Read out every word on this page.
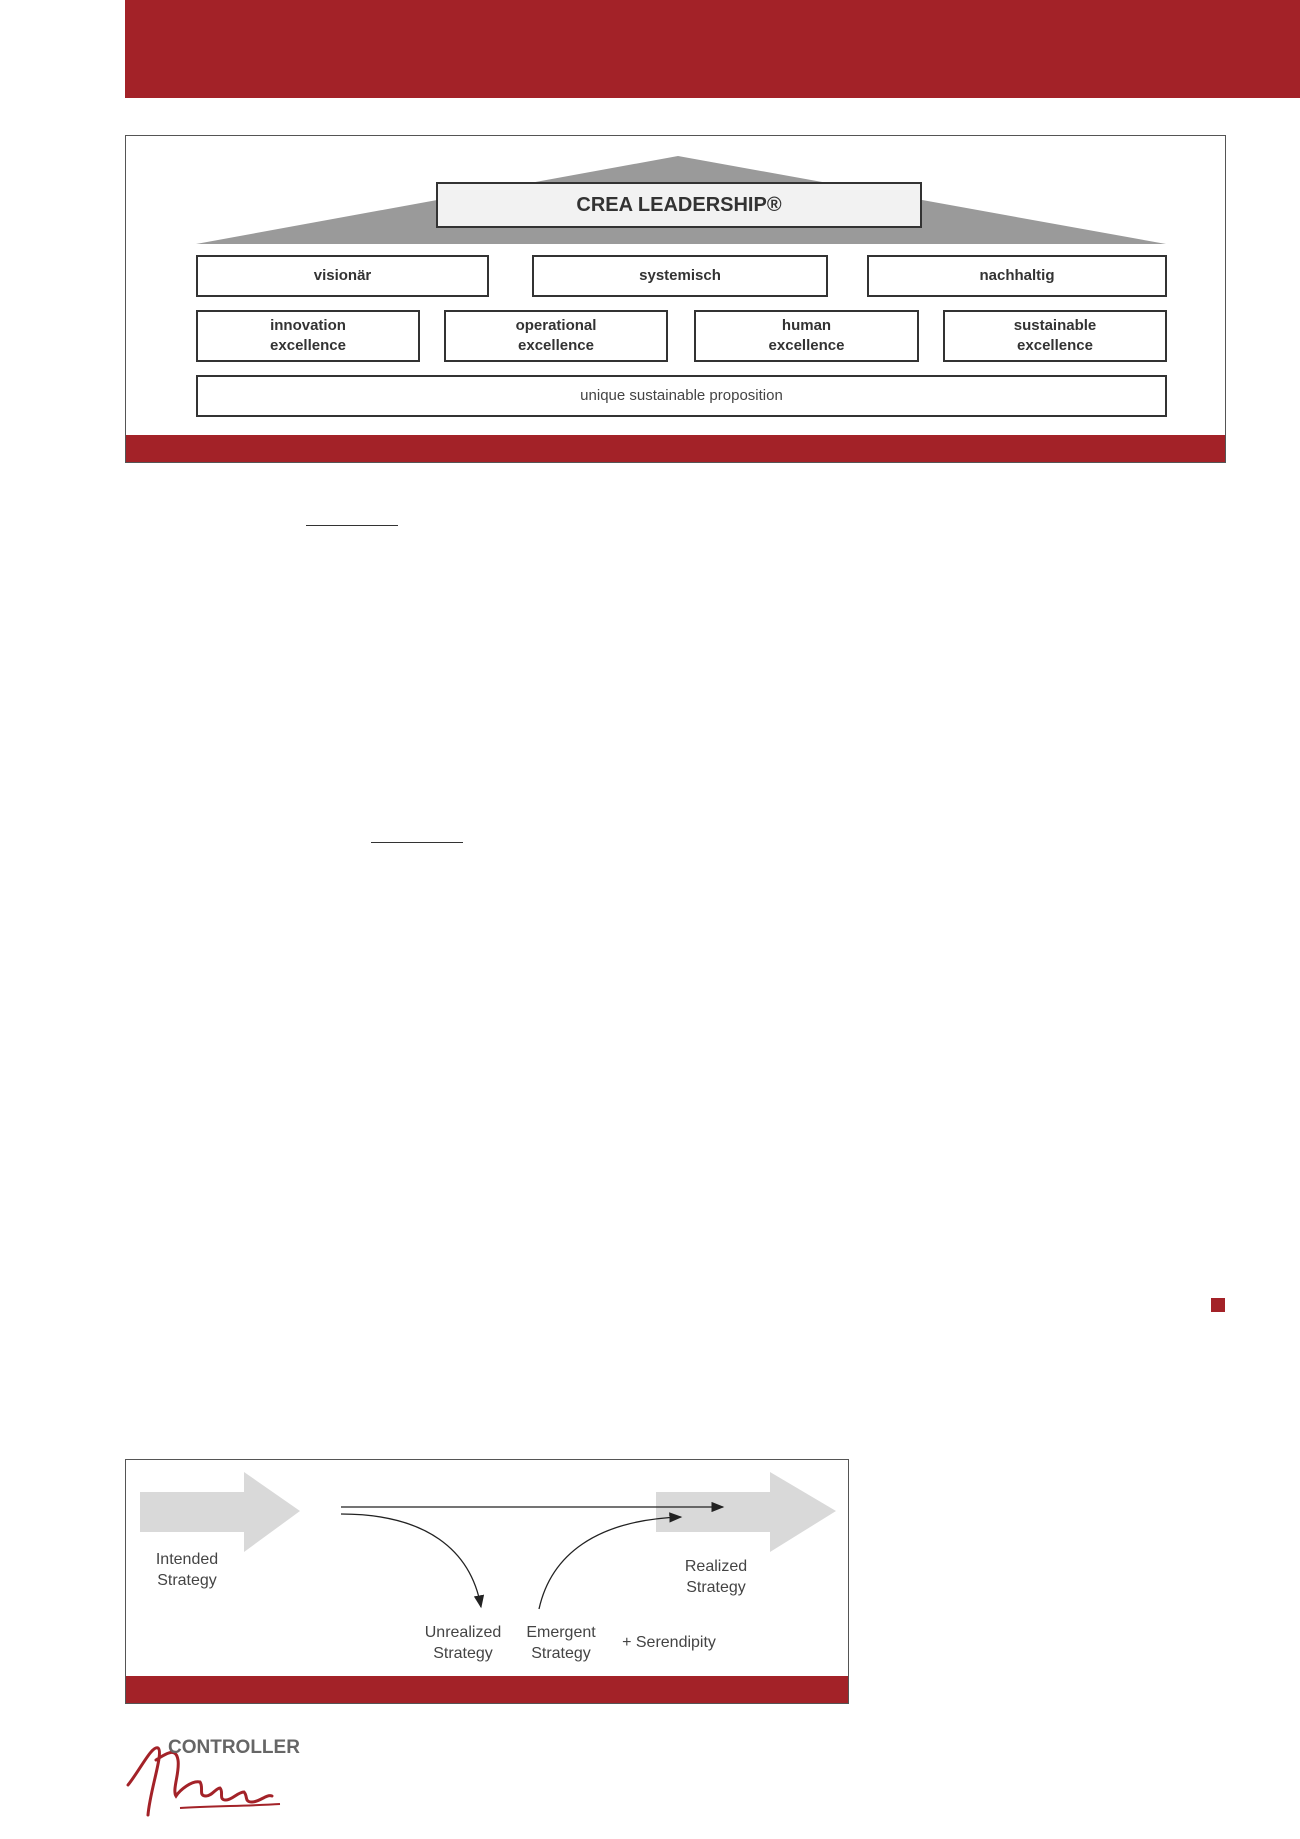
CREA LEADERSHIP®
visionär	systemisch	nachhaltig
innovation
excellence
operational
excellence
human
excellence
sustainable
excellence
unique sustainable proposition
Intended
Strategy
Realized
Strategy
Unrealized
Strategy
Emergent
Strategy
+ Serendipity
CONTROLLER
